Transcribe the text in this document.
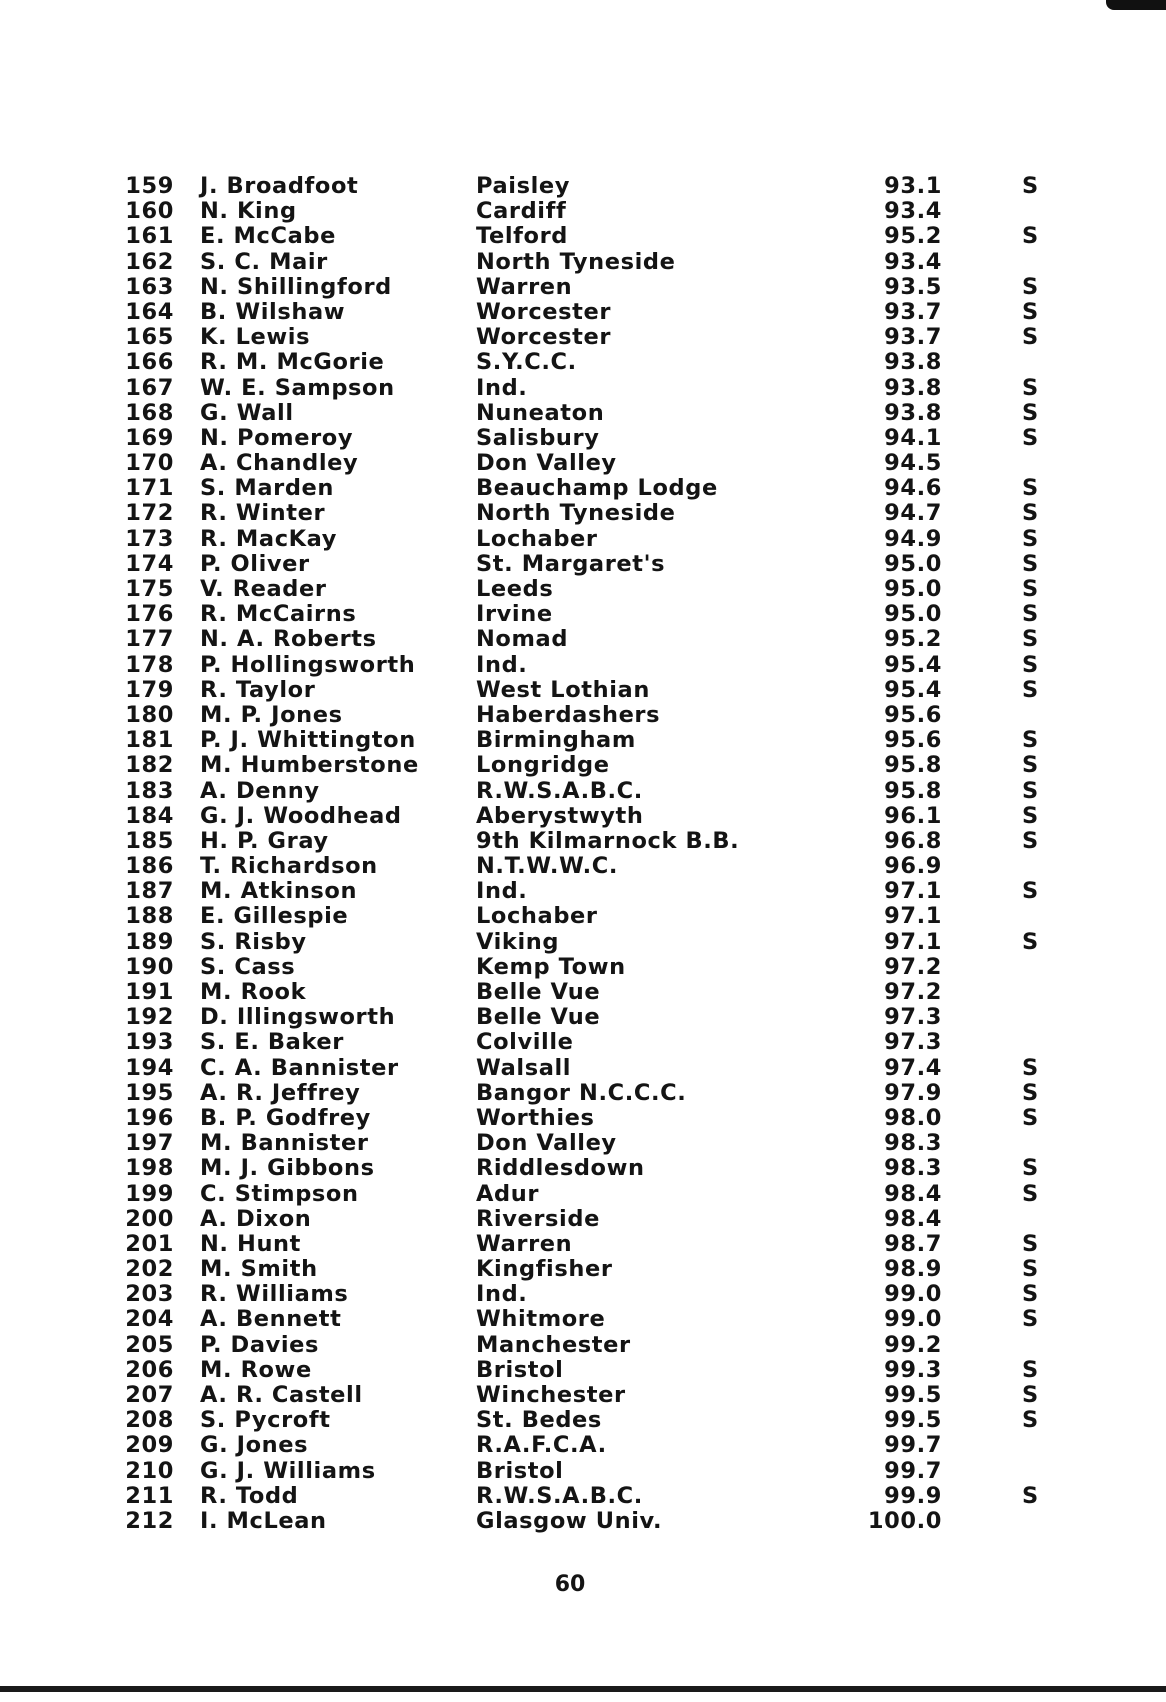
159 J. Broadfoot	Paisley	93.1	S
160 N. King	Cardiff	93.4
161 E. McCabe	Telford	95.2	S
162 S. C. Mair	North Tyneside	93.4
163 N. Shillingford	Warren	93.5	S
164 B. Wilshaw	Worcester	93.7	S
165 K. Lewis	Worcester	93.7	S
166 R. M. McGorie	S.Y.C.C.	93.8
167 W. E. Sampson	Ind.	93.8	S
168 G. Wall	Nuneaton	93.8	S
169 N. Pomeroy	Salisbury	94.1	S
170 A. Chandley	Don Valley	94.5
171 S. Marden	Beauchamp Lodge	94.6	S
172 R. Winter	North Tyneside	94.7	S
173 R. MacKay	Lochaber	94.9	S
174 P. Oliver	St. Margaret's	95.0	S
175 V. Reader	Leeds	95.0	S
176 R. McCairns	Irvine	95.0	S
177 N. A. Roberts	Nomad	95.2	S
178 P. Hollingsworth	Ind.	95.4	S
179 R. Taylor	West Lothian	95.4	S
180 M. P. Jones	Haberdashers	95.6
181 P. J. Whittington	Birmingham	95.6	S
182 M. Humberstone	Longridge	95.8	S
183 A. Denny	R.W.S.A.B.C.	95.8	S
184 G. J. Woodhead	Aberystwyth	96.1	S
185 H. P. Gray	9th Kilmarnock B.B.	96.8	S
186 T. Richardson	N.T.W.W.C.	96.9
187 M. Atkinson	Ind.	97.1	S
188 E. Gillespie	Lochaber	97.1
189 S. Risby	Viking	97.1	S
190 S. Cass	Kemp Town	97.2
191 M. Rook	Belle Vue	97.2
192 D. Illingsworth	Belle Vue	97.3
193 S. E. Baker	Colville	97.3
194 C. A. Bannister	Walsall	97.4	S
195 A. R. Jeffrey	Bangor N.C.C.C.	97.9	S
196 B. P. Godfrey	Worthies	98.0	S
197 M. Bannister	Don Valley	98.3
198 M. J. Gibbons	Riddlesdown	98.3	S
199 C. Stimpson	Adur	98.4	S
200 A. Dixon	Riverside	98.4
201 N. Hunt	Warren	98.7	S
202 M. Smith	Kingfisher	98.9	S
203 R. Williams	Ind.	99.0	S
204 A. Bennett	Whitmore	99.0	S
205 P. Davies	Manchester	99.2
206 M. Rowe	Bristol	99.3	S
207 A. R. Castell	Winchester	99.5	S
208 S. Pycroft	St. Bedes	99.5	S
209 G. Jones	R.A.F.C.A.	99.7
210 G. J. Williams	Bristol	99.7
211 R. Todd	R.W.S.A.B.C.	99.9	S
212 I. McLean	Glasgow Univ.	100.0
60
